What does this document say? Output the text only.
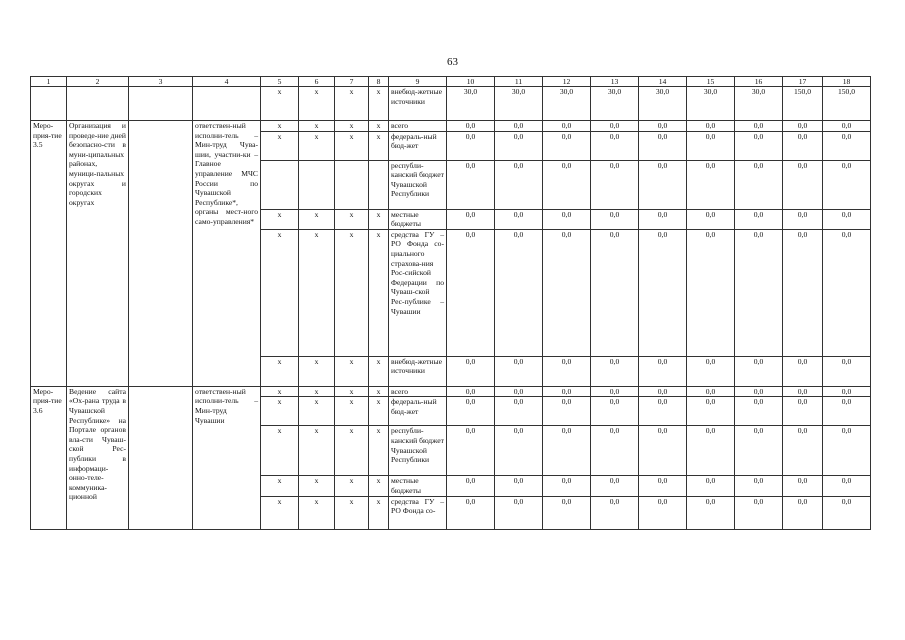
63
1	2	3	4	5	6	7	8	9	10	11	12	13	14	15	16	17	18
				x	x	x	x	внебюд-жетные источники	30,0	30,0	30,0	30,0	30,0	30,0	30,0	150,0	150,0
Меро-прия-тие 3.5	Организация и проведе-ние дней безопасно-сти в муни-ципальных районах, муници-пальных округах и городских округах		ответствен-ный исполни-тель – Мин-труд Чува-шии, участни-ки – Главное управление МЧС России по Чувашской Республике*, органы мест-ного само-управления*	x	x	x	x	всего	0,0	0,0	0,0	0,0	0,0	0,0	0,0	0,0	0,0
				x	x	x	x	федераль-ный бюд-жет	0,0	0,0	0,0	0,0	0,0	0,0	0,0	0,0	0,0
								республи-канский бюджет Чувашской Республики	0,0	0,0	0,0	0,0	0,0	0,0	0,0	0,0	0,0
				x	x	x	x	местные бюджеты	0,0	0,0	0,0	0,0	0,0	0,0	0,0	0,0	0,0
				x	x	x	x	средства ГУ – РО Фонда со-циального страхова-ния Рос-сийской Федерации по Чуваш-ской Рес-публике – Чувашии	0,0	0,0	0,0	0,0	0,0	0,0	0,0	0,0	0,0
				x	x	x	x	внебюд-жетные источники	0,0	0,0	0,0	0,0	0,0	0,0	0,0	0,0	0,0
Меро-прия-тие 3.6	Ведение сайта «Ох-рана труда в Чувашской Республике» на Портале органов вла-сти Чуваш-ской Рес-публики в информаци-онно-теле-коммуника-ционной		ответствен-ный исполни-тель – Мин-труд Чувашии	x	x	x	x	всего	0,0	0,0	0,0	0,0	0,0	0,0	0,0	0,0	0,0
				x	x	x	x	федераль-ный бюд-жет	0,0	0,0	0,0	0,0	0,0	0,0	0,0	0,0	0,0
				x	x	x	x	республи-канский бюджет Чувашской Республики	0,0	0,0	0,0	0,0	0,0	0,0	0,0	0,0	0,0
				x	x	x	x	местные бюджеты	0,0	0,0	0,0	0,0	0,0	0,0	0,0	0,0	0,0
				x	x	x	x	средства ГУ – РО Фонда со-	0,0	0,0	0,0	0,0	0,0	0,0	0,0	0,0	0,0
